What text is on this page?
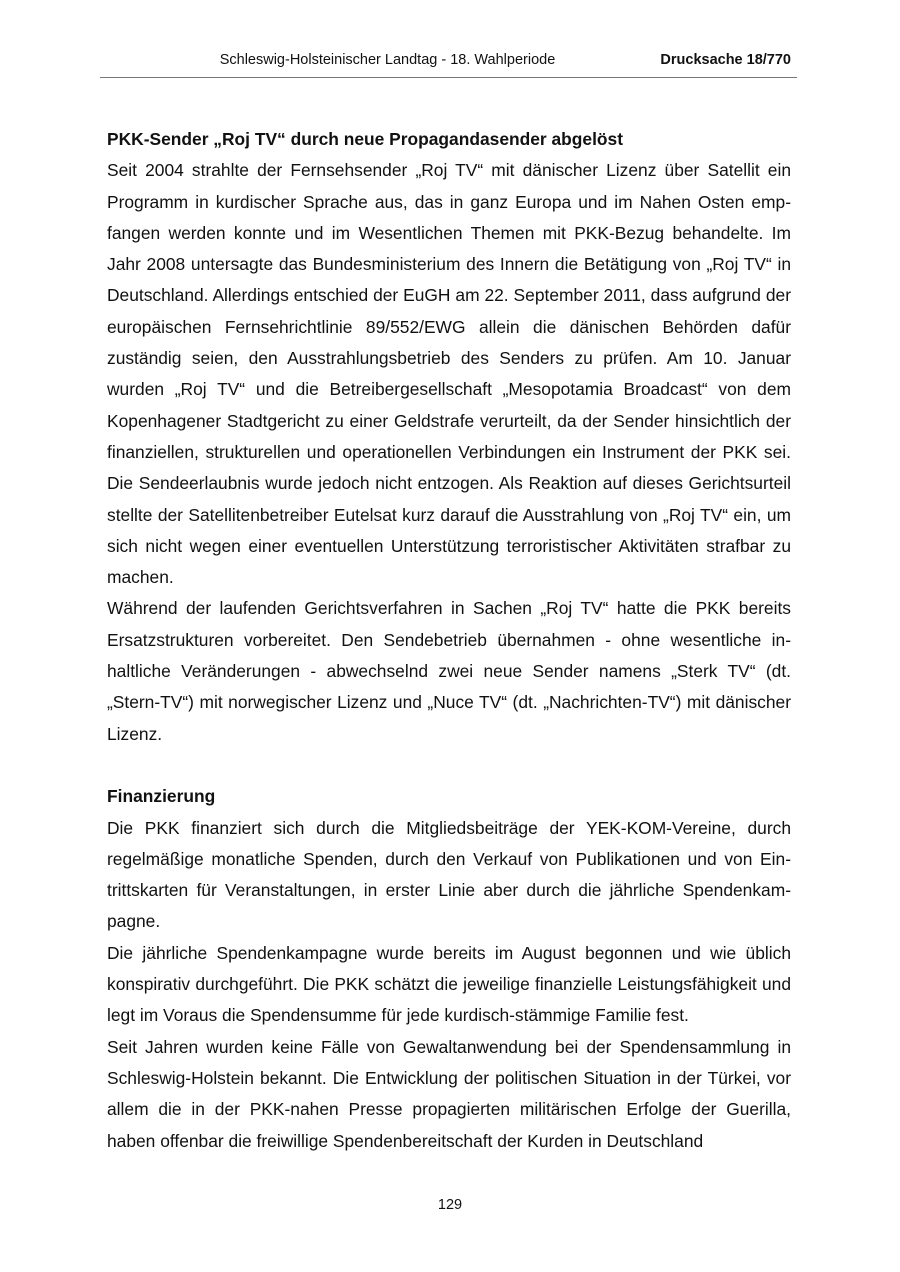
Schleswig-Holsteinischer Landtag - 18. Wahlperiode	Drucksache 18/770
PKK-Sender „Roj TV“ durch neue Propagandasender abgelöst

Seit 2004 strahlte der Fernsehsender „Roj TV“ mit dänischer Lizenz über Satellit ein Programm in kurdischer Sprache aus, das in ganz Europa und im Nahen Osten empfangen werden konnte und im Wesentlichen Themen mit PKK-Bezug behandelte. Im Jahr 2008 untersagte das Bundesministerium des Innern die Betätigung von „Roj TV“ in Deutschland. Allerdings entschied der EuGH am 22. September 2011, dass aufgrund der europäischen Fernsehrichtlinie 89/552/EWG allein die dänischen Behörden dafür zuständig seien, den Ausstrahlungsbetrieb des Senders zu prüfen. Am 10. Januar wurden „Roj TV“ und die Betreibergesellschaft „Mesopotamia Broadcast“ von dem Kopenhagener Stadtgericht zu einer Geldstrafe verurteilt, da der Sender hinsichtlich der finanziellen, strukturellen und operationellen Verbindungen ein Instrument der PKK sei. Die Sendeerlaubnis wurde jedoch nicht entzogen. Als Reaktion auf dieses Gerichtsurteil stellte der Satellitenbetreiber Eutelsat kurz darauf die Ausstrahlung von „Roj TV“ ein, um sich nicht wegen einer eventuellen Unterstützung terroristischer Aktivitäten strafbar zu machen.

Während der laufenden Gerichtsverfahren in Sachen „Roj TV“ hatte die PKK bereits Ersatzstrukturen vorbereitet. Den Sendebetrieb übernahmen - ohne wesentliche inhaltliche Veränderungen - abwechselnd zwei neue Sender namens „Sterk TV“ (dt. „Stern-TV“) mit norwegischer Lizenz und „Nuce TV“ (dt. „Nachrichten-TV“) mit dänischer Lizenz.

Finanzierung

Die PKK finanziert sich durch die Mitgliedsbeiträge der YEK-KOM-Vereine, durch regelmäßige monatliche Spenden, durch den Verkauf von Publikationen und von Eintrittskarten für Veranstaltungen, in erster Linie aber durch die jährliche Spendenkampagne.

Die jährliche Spendenkampagne wurde bereits im August begonnen und wie üblich konspirativ durchgeführt. Die PKK schätzt die jeweilige finanzielle Leistungsfähigkeit und legt im Voraus die Spendensumme für jede kurdisch-stämmige Familie fest.

Seit Jahren wurden keine Fälle von Gewaltanwendung bei der Spendensammlung in Schleswig-Holstein bekannt. Die Entwicklung der politischen Situation in der Türkei, vor allem die in der PKK-nahen Presse propagierten militärischen Erfolge der Guerilla, haben offenbar die freiwillige Spendenbereitschaft der Kurden in Deutschland

129
